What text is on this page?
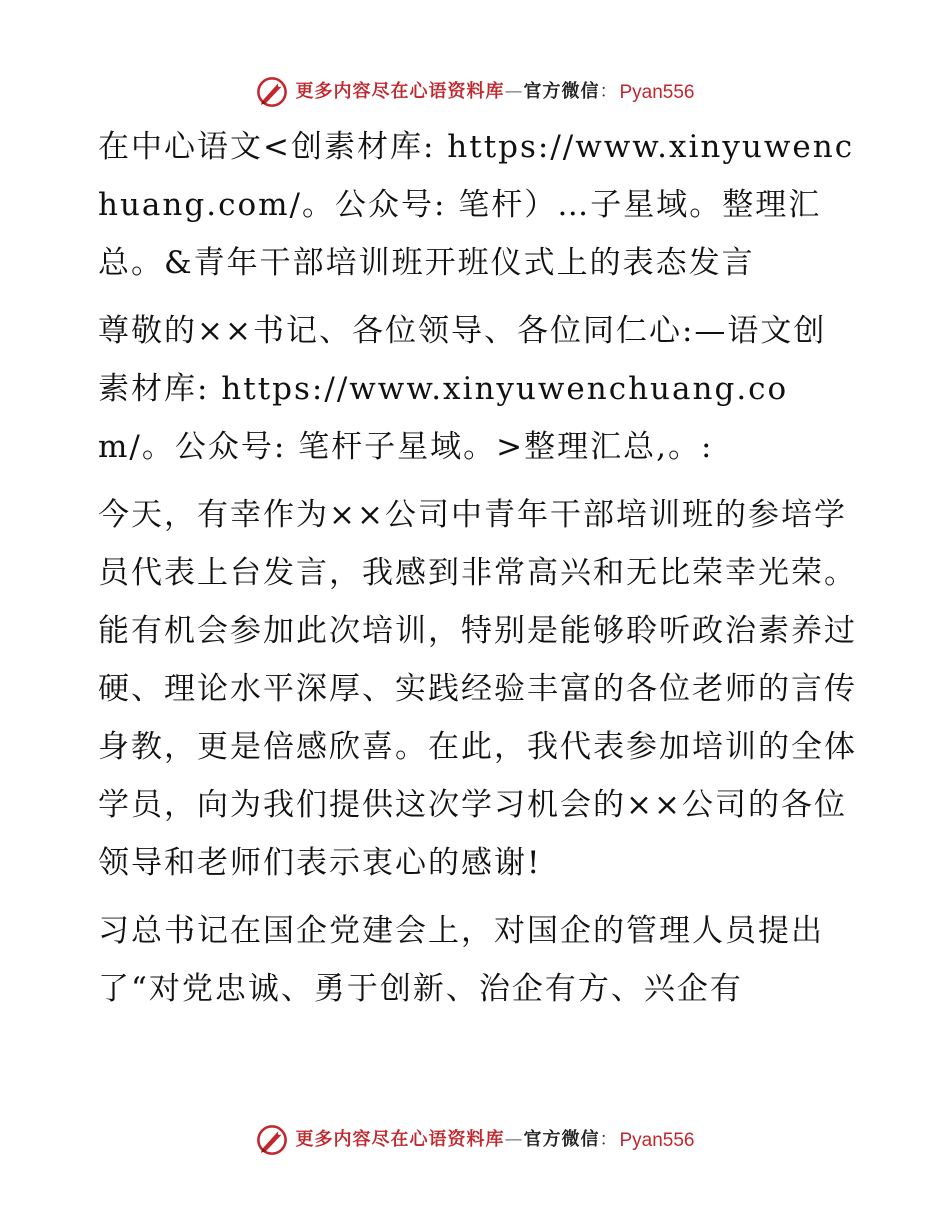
更多内容尽在心语资料库 — 官方微信 ： Pyan556

在中心语文<创素材库: https://www.xinyuwenchuang.com/。公众号: 笔杆）…子星域。整理汇总。&青年干部培训班开班仪式上的表态发言

尊敬的××书记、各位领导、各位同仁心:—语文创素材库: https://www.xinyuwenchuang.com/。公众号: 笔杆子星域。>整理汇总,。:

今天，有幸作为××公司中青年干部培训班的参培学员代表上台发言，我感到非常高兴和无比荣幸光荣。能有机会参加此次培训，特别是能够聆听政治素养过硬、理论水平深厚、实践经验丰富的各位老师的言传身教，更是倍感欣喜。在此，我代表参加培训的全体学员，向为我们提供这次学习机会的××公司的各位领导和老师们表示衷心的感谢!

习总书记在国企党建会上，对国企的管理人员提出了“对党忠诚、勇于创新、治企有方、兴企有

更多内容尽在心语资料库 — 官方微信 ： Pyan556
